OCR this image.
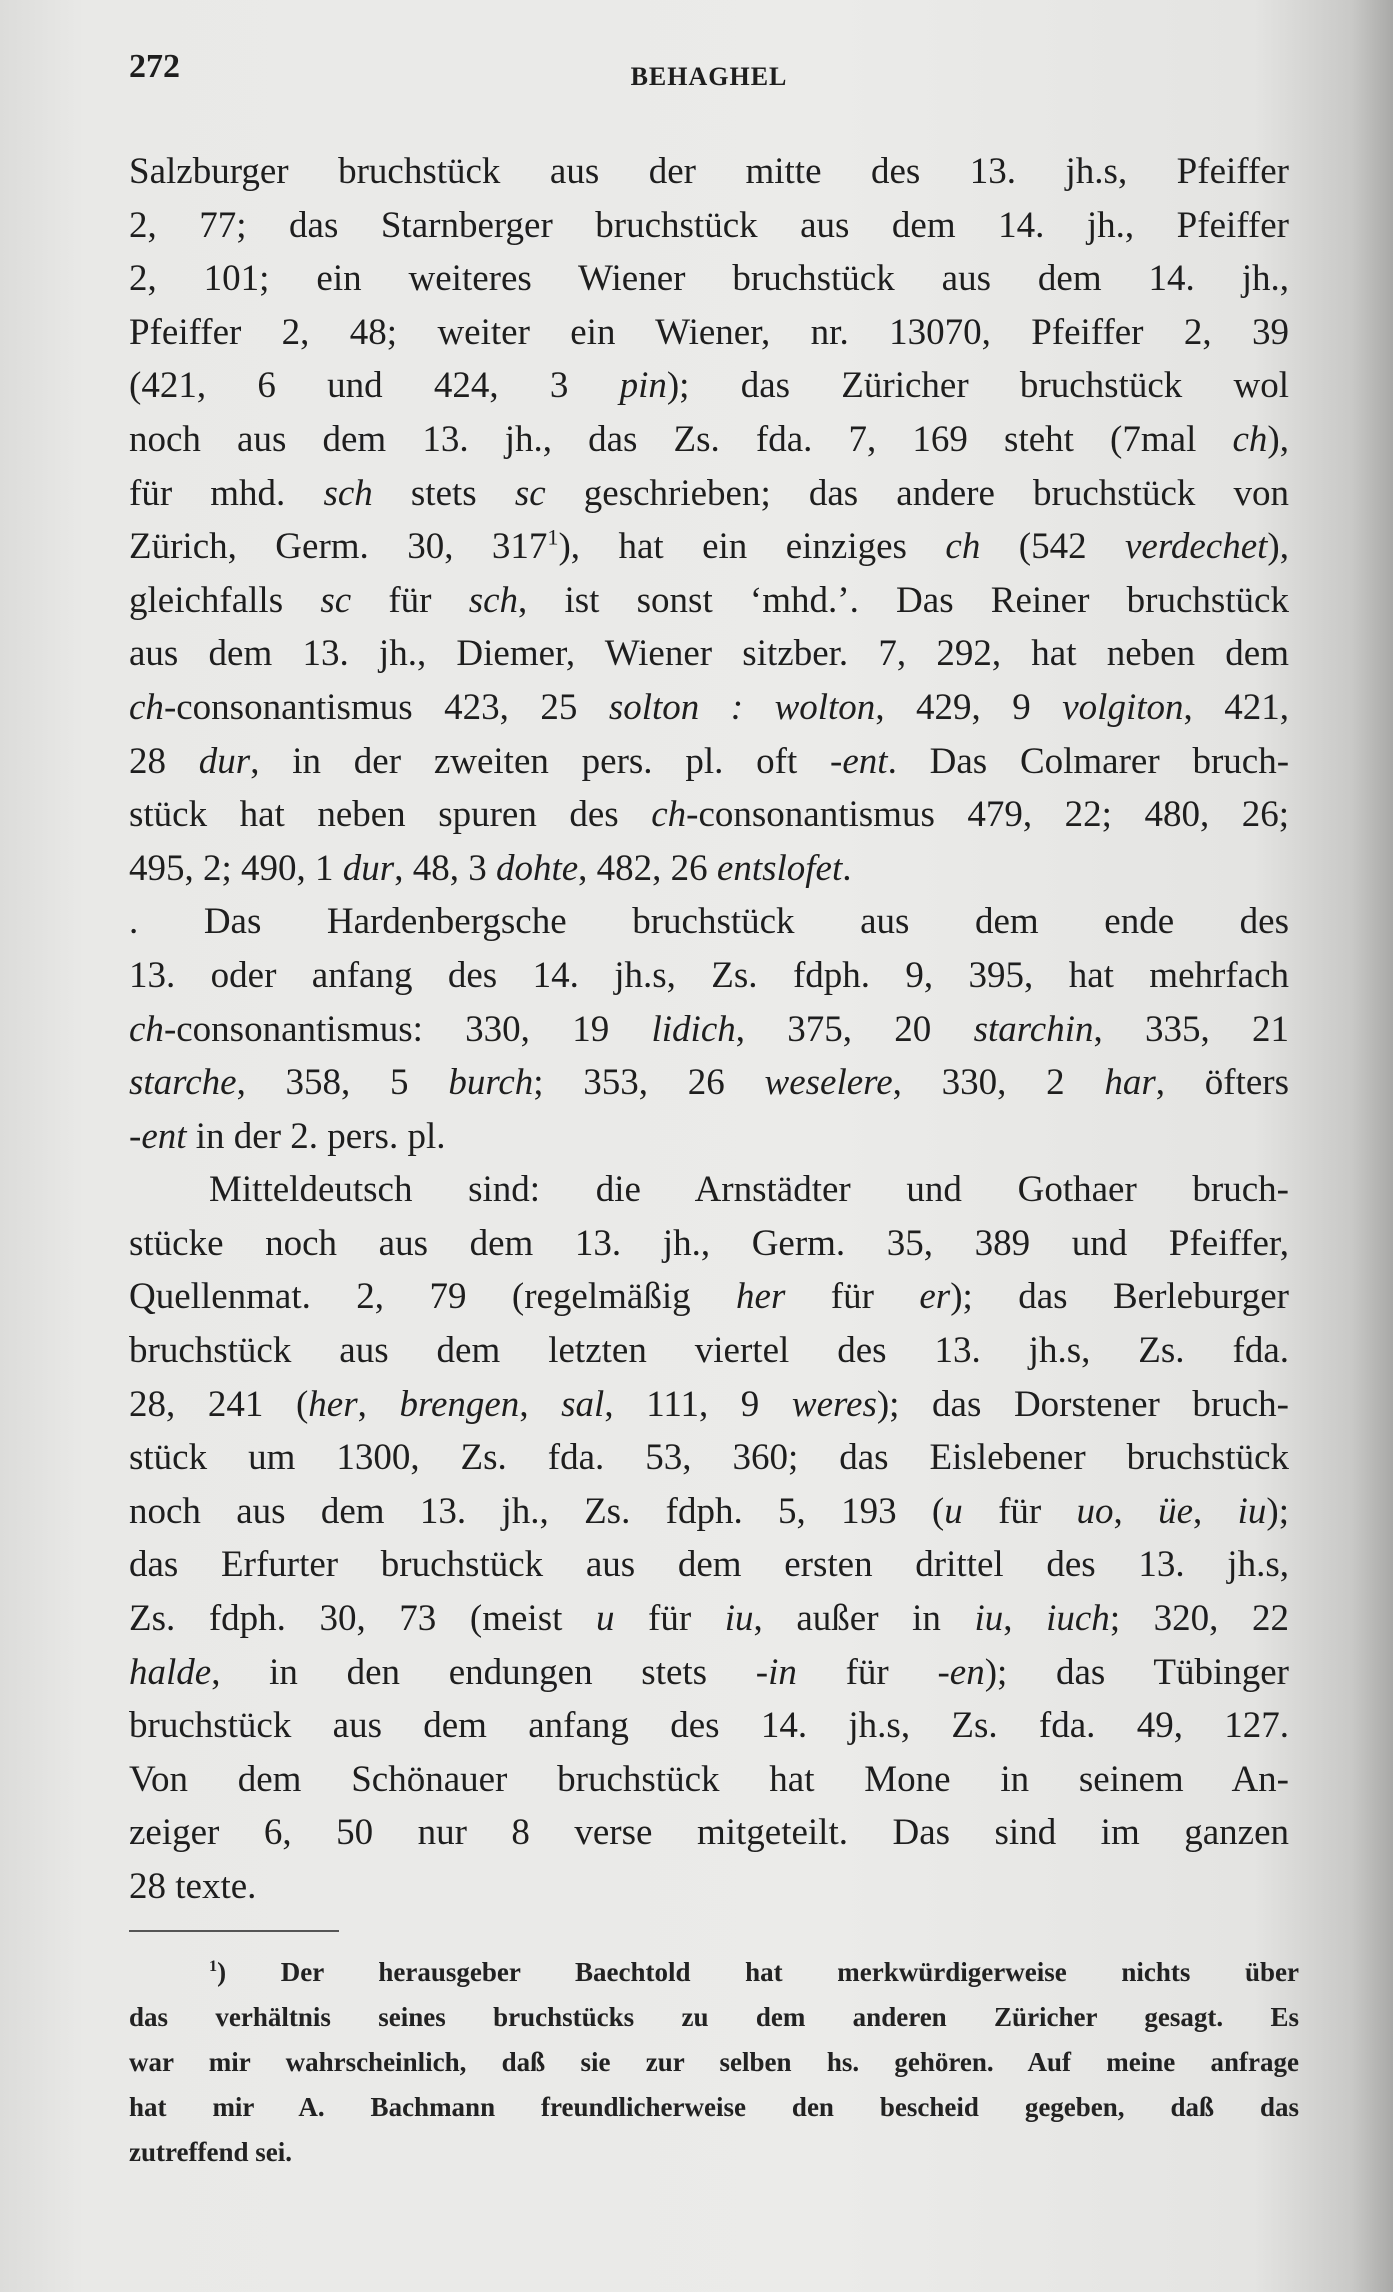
272	BEHAGHEL
Salzburger bruchstück aus der mitte des 13. jh.s, Pfeiffer
2, 77; das Starnberger bruchstück aus dem 14. jh., Pfeiffer
2, 101; ein weiteres Wiener bruchstück aus dem 14. jh.,
Pfeiffer 2, 48; weiter ein Wiener, nr. 13070, Pfeiffer 2, 39
(421, 6 und 424, 3 pin); das Züricher bruchstück wol
noch aus dem 13. jh., das Zs. fda. 7, 169 steht (7mal ch),
für mhd. sch stets sc geschrieben; das andere bruchstück von
Zürich, Germ. 30, $317^1$), hat ein einziges ch (542 verdechet),
gleichfalls sc für sch, ist sonst ‘mhd.’. Das Reiner bruchstück
aus dem 13. jh., Diemer, Wiener sitzber. 7, 292, hat neben dem
ch-consonantismus 423, 25 solton : wolton, 429, 9 volgiton, 421,
28 dur, in der zweiten pers. pl. oft -ent. Das Colmarer bruch-
stück hat neben spuren des ch-consonantismus 479, 22; 480, 26;
495, 2; 490, 1 dur, 48, 3 dohte, 482, 26 entslofet.
. Das Hardenbergsche bruchstück aus dem ende des
13. oder anfang des 14. jh.s, Zs. fdph. 9, 395, hat mehrfach
ch-consonantismus: 330, 19 lidich, 375, 20 starchin, 335, 21
starche, 358, 5 burch; 353, 26 weselere, 330, 2 har, öfters
-ent in der 2. pers. pl.
Mitteldeutsch sind: die Arnstädter und Gothaer bruch-
stücke noch aus dem 13. jh., Germ. 35, 389 und Pfeiffer,
Quellenmat. 2, 79 (regelmäßig her für er); das Berleburger
bruchstück aus dem letzten viertel des 13. jh.s, Zs. fda.
28, 241 (her, brengen, sal, 111, 9 weres); das Dorstener bruch-
stück um 1300, Zs. fda. 53, 360; das Eislebener bruchstück
noch aus dem 13. jh., Zs. fdph. 5, 193 (u für uo, üe, iu);
das Erfurter bruchstück aus dem ersten drittel des 13. jh.s,
Zs. fdph. 30, 73 (meist u für iu, außer in iu, iuch; 320, 22
halde, in den endungen stets -in für -en); das Tübinger
bruchstück aus dem anfang des 14. jh.s, Zs. fda. 49, 127.
Von dem Schönauer bruchstück hat Mone in seinem An-
zeiger 6, 50 nur 8 verse mitgeteilt. Das sind im ganzen
28 texte.
$^1$) Der herausgeber Baechtold hat merkwürdigerweise nichts über
das verhältnis seines bruchstücks zu dem anderen Züricher gesagt. Es
war mir wahrscheinlich, daß sie zur selben hs. gehören. Auf meine anfrage
hat mir A. Bachmann freundlicherweise den bescheid gegeben, daß das
zutreffend sei.
